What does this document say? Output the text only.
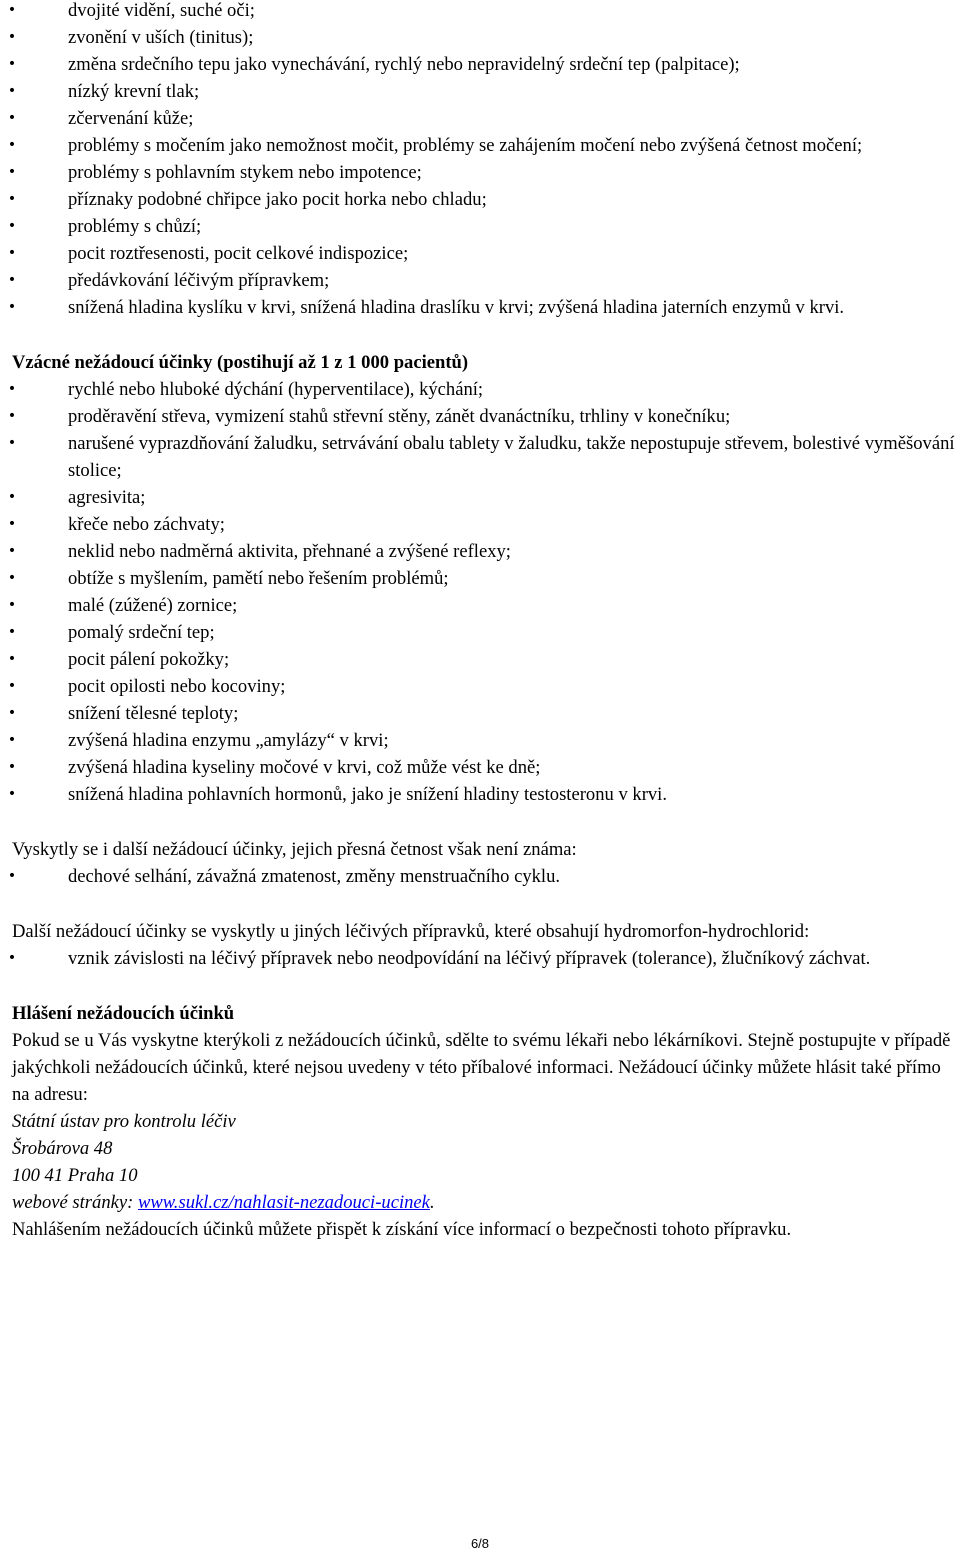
•	dvojité vidění, suché oči;
•	zvonění v uších (tinitus);
•	změna srdečního tepu jako vynechávání, rychlý nebo nepravidelný srdeční tep (palpitace);
•	nízký krevní tlak;
•	zčervenání kůže;
•	problémy s močením jako nemožnost močit, problémy se zahájením močení nebo zvýšená četnost močení;
•	problémy s pohlavním stykem nebo impotence;
•	příznaky podobné chřipce jako pocit horka nebo chladu;
•	problémy s chůzí;
•	pocit roztřesenosti, pocit celkové indispozice;
•	předávkování léčivým přípravkem;
•	snížená hladina kyslíku v krvi, snížená hladina draslíku v krvi; zvýšená hladina jaterních enzymů v krvi.

Vzácné nežádoucí účinky (postihují až 1 z 1 000 pacientů)

•	rychlé nebo hluboké dýchání (hyperventilace), kýchání;
•	proděravění střeva, vymizení stahů střevní stěny, zánět dvanáctníku, trhliny v konečníku;
•	narušené vyprazdňování žaludku, setrvávání obalu tablety v žaludku, takže nepostupuje střevem, bolestivé vyměšování stolice;
•	agresivita;
•	křeče nebo záchvaty;
•	neklid nebo nadměrná aktivita, přehnané a zvýšené reflexy;
•	obtíže s myšlením, pamětí nebo řešením problémů;
•	malé (zúžené) zornice;
•	pomalý srdeční tep;
•	pocit pálení pokožky;
•	pocit opilosti nebo kocoviny;
•	snížení tělesné teploty;
•	zvýšená hladina enzymu „amylázy“ v krvi;
•	zvýšená hladina kyseliny močové v krvi, což může vést ke dně;
•	snížená hladina pohlavních hormonů, jako je snížení hladiny testosteronu v krvi.

Vyskytly se i další nežádoucí účinky, jejich přesná četnost však není známa:

•	dechové selhání, závažná zmatenost, změny menstruačního cyklu.

Další nežádoucí účinky se vyskytly u jiných léčivých přípravků, které obsahují hydromorfon-hydrochlorid:

•	vznik závislosti na léčivý přípravek nebo neodpovídání na léčivý přípravek (tolerance), žlučníkový záchvat.

Hlášení nežádoucích účinků

Pokud se u Vás vyskytne kterýkoli z nežádoucích účinků, sdělte to svému lékaři nebo lékárníkovi. Stejně postupujte v případě jakýchkoli nežádoucích účinků, které nejsou uvedeny v této příbalové informaci. Nežádoucí účinky můžete hlásit také přímo na adresu:

Státní ústav pro kontrolu léčiv

Šrobárova 48

100 41 Praha 10

webové stránky: www.sukl.cz/nahlasit-nezadouci-ucinek.

Nahlášením nežádoucích účinků můžete přispět k získání více informací o bezpečnosti tohoto přípravku.

6/8
